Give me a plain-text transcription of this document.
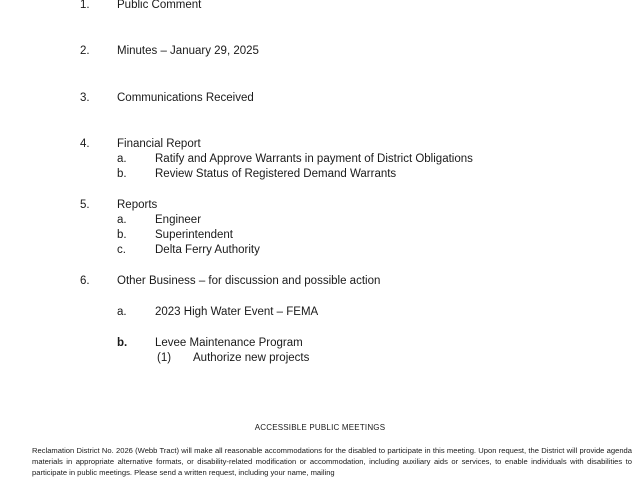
1. Public Comment
2. Minutes – January 29, 2025
3. Communications Received
4. Financial Report
a. Ratify and Approve Warrants in payment of District Obligations
b. Review Status of Registered Demand Warrants
5. Reports
a. Engineer
b. Superintendent
c.	Delta Ferry Authority
6. Other Business – for discussion and possible action
a. 2023 High Water Event – FEMA
b. Levee Maintenance Program
(1) Authorize new projects
ACCESSIBLE PUBLIC MEETINGS
Reclamation District No. 2026 (Webb Tract) will make all reasonable accommodations for the disabled to participate in this meeting. Upon request, the District will provide agenda materials in appropriate alternative formats, or disability-related modification or accommodation, including auxiliary aids or services, to enable individuals with disabilities to participate in public meetings. Please send a written request, including your name, mailing
